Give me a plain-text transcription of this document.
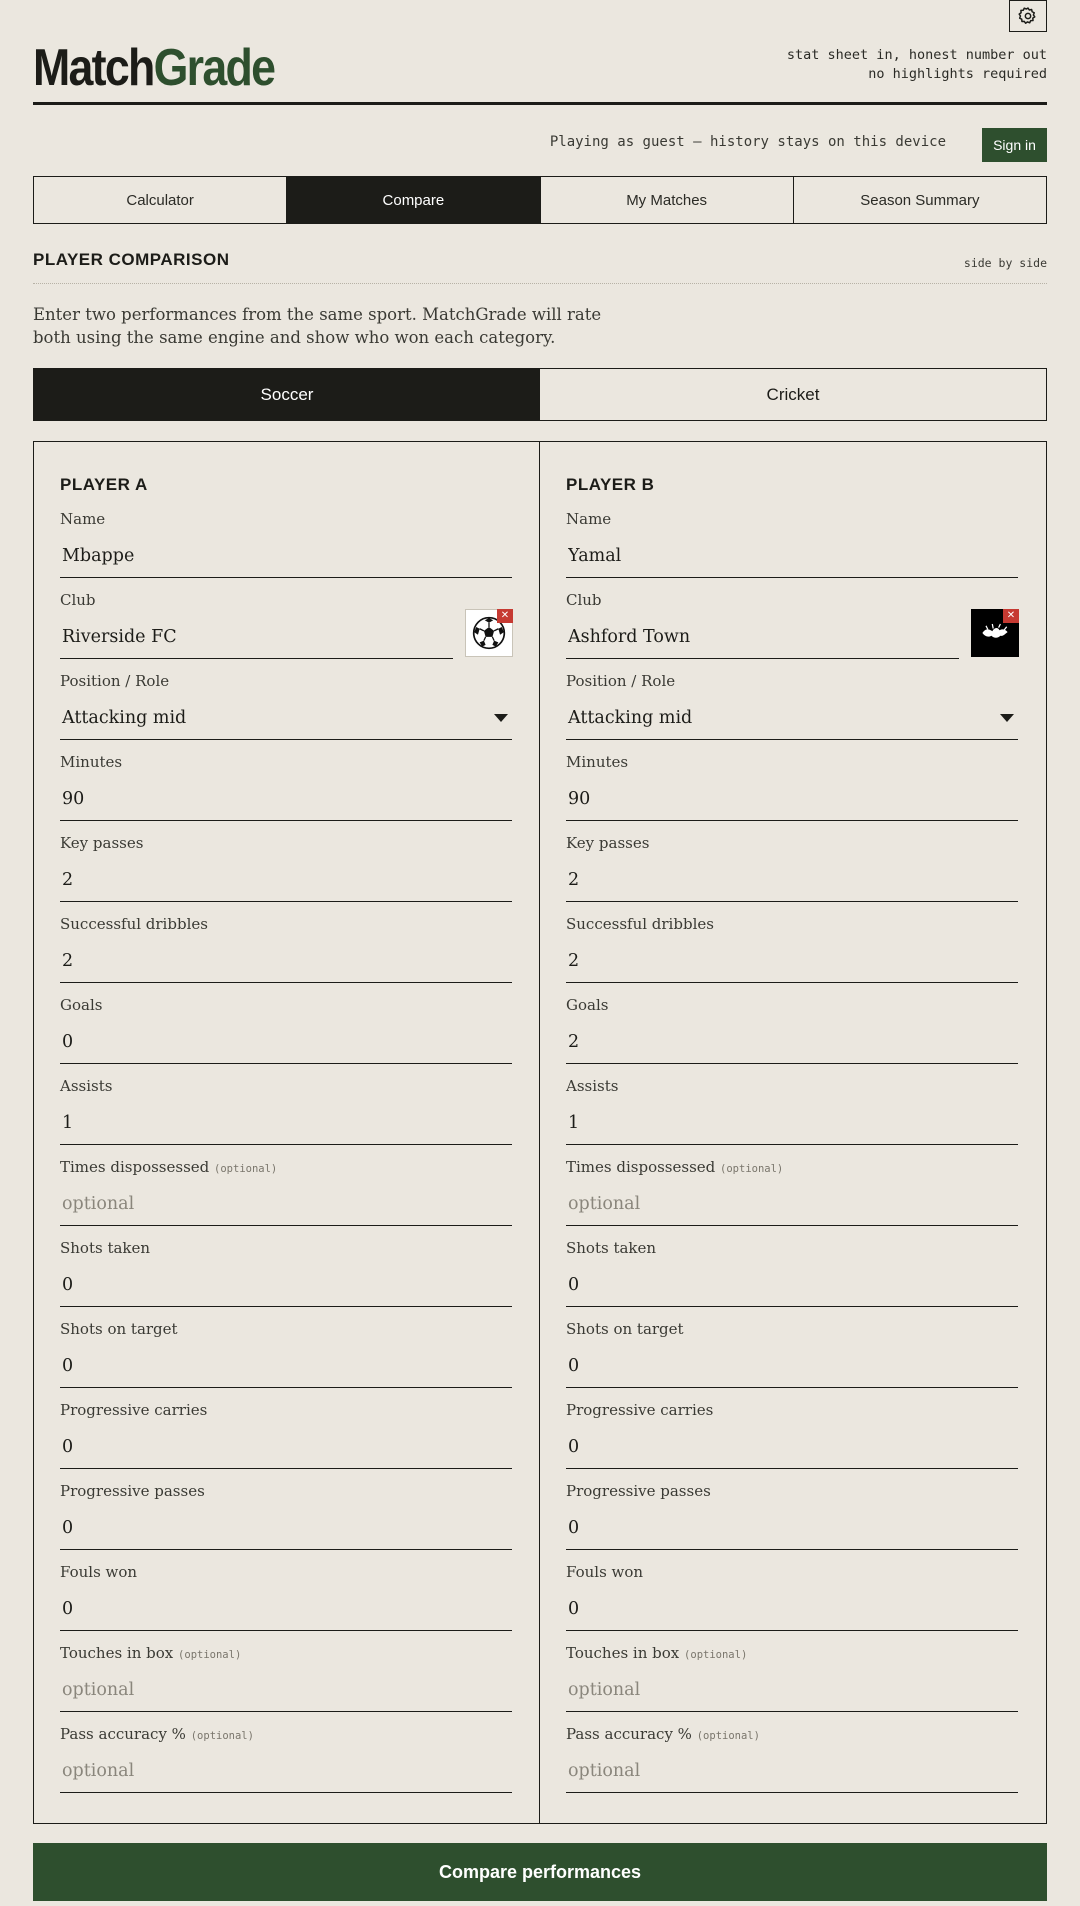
MatchGrade	stat sheet in, honest number out
no highlights required
Playing as guest — history stays on this device	Sign in
Calculator	Compare	My Matches	Season Summary
PLAYER COMPARISON	side by side
Enter two performances from the same sport. MatchGrade will rate both using the same engine and show who won each category.
Soccer	Cricket
PLAYER A
Name
Mbappe
Club
Riverside FC
✕
Position / Role
Attacking mid
Minutes
90
Key passes
2
Successful dribbles
2
Goals
0
Assists
1
Times dispossessed (optional)
optional
Shots taken
0
Shots on target
0
Progressive carries
0
Progressive passes
0
Fouls won
0
Touches in box (optional)
optional
Pass accuracy % (optional)
optional
PLAYER B
Name
Yamal
Club
Ashford Town
✕
Position / Role
Attacking mid
Minutes
90
Key passes
2
Successful dribbles
2
Goals
2
Assists
1
Times dispossessed (optional)
optional
Shots taken
0
Shots on target
0
Progressive carries
0
Progressive passes
0
Fouls won
0
Touches in box (optional)
optional
Pass accuracy % (optional)
optional
Compare performances
